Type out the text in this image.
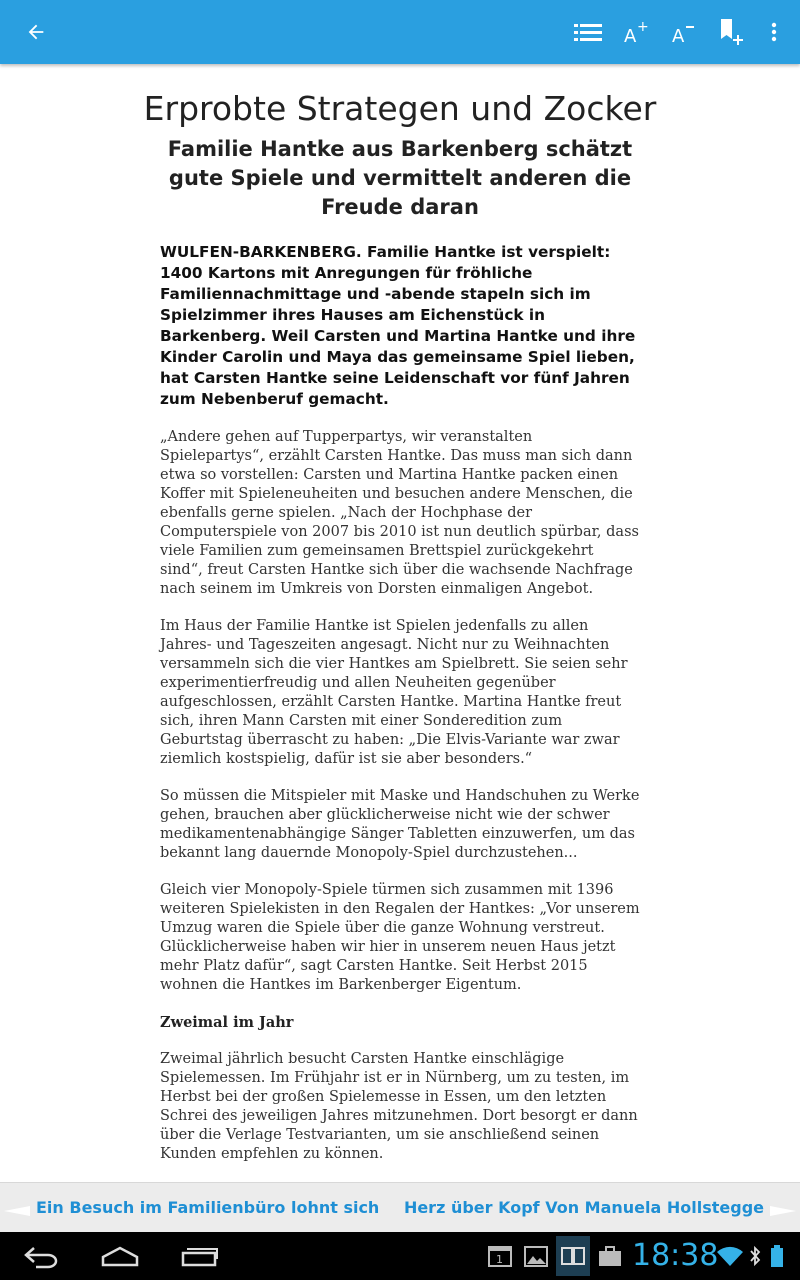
A + A
Erprobte Strategen und Zocker
Familie Hantke aus Barkenberg schätzt gute Spiele und vermittelt anderen die Freude daran

WULFEN-BARKENBERG. Familie Hantke ist verspielt: 1400 Kartons mit Anregungen für fröhliche Familiennachmittage und -abende stapeln sich im Spielzimmer ihres Hauses am Eichenstück in Barkenberg. Weil Carsten und Martina Hantke und ihre Kinder Carolin und Maya das gemeinsame Spiel lieben, hat Carsten Hantke seine Leidenschaft vor fünf Jahren zum Nebenberuf gemacht.

„Andere gehen auf Tupperpartys, wir veranstalten Spielepartys“, erzählt Carsten Hantke. Das muss man sich dann etwa so vorstellen: Carsten und Martina Hantke packen einen Koffer mit Spieleneuheiten und besuchen andere Menschen, die ebenfalls gerne spielen. „Nach der Hochphase der Computerspiele von 2007 bis 2010 ist nun deutlich spürbar, dass viele Familien zum gemeinsamen Brettspiel zurückgekehrt sind“, freut Carsten Hantke sich über die wachsende Nachfrage nach seinem im Umkreis von Dorsten einmaligen Angebot.

Im Haus der Familie Hantke ist Spielen jedenfalls zu allen Jahres- und Tageszeiten angesagt. Nicht nur zu Weihnachten versammeln sich die vier Hantkes am Spielbrett. Sie seien sehr experimentierfreudig und allen Neuheiten gegenüber aufgeschlossen, erzählt Carsten Hantke. Martina Hantke freut sich, ihren Mann Carsten mit einer Sonderedition zum Geburtstag überrascht zu haben: „Die Elvis-Variante war zwar ziemlich kostspielig, dafür ist sie aber besonders.“

So müssen die Mitspieler mit Maske und Handschuhen zu Werke gehen, brauchen aber glücklicherweise nicht wie der schwer medikamentenabhängige Sänger Tabletten einzuwerfen, um das bekannt lang dauernde Monopoly-Spiel durchzustehen...

Gleich vier Monopoly-Spiele türmen sich zusammen mit 1396 weiteren Spielekisten in den Regalen der Hantkes: „Vor unserem Umzug waren die Spiele über die ganze Wohnung verstreut. Glücklicherweise haben wir hier in unserem neuen Haus jetzt mehr Platz dafür“, sagt Carsten Hantke. Seit Herbst 2015 wohnen die Hantkes im Barkenberger Eigentum.

Zweimal im Jahr

Zweimal jährlich besucht Carsten Hantke einschlägige Spielemessen. Im Frühjahr ist er in Nürnberg, um zu testen, im Herbst bei der großen Spielemesse in Essen, um den letzten Schrei des jeweiligen Jahres mitzunehmen. Dort besorgt er dann über die Verlage Testvarianten, um sie anschließend seinen Kunden empfehlen zu können.

Ein Besuch im Familienbüro lohnt sich Herz über Kopf Von Manuela Hollstegge
1	18:38
